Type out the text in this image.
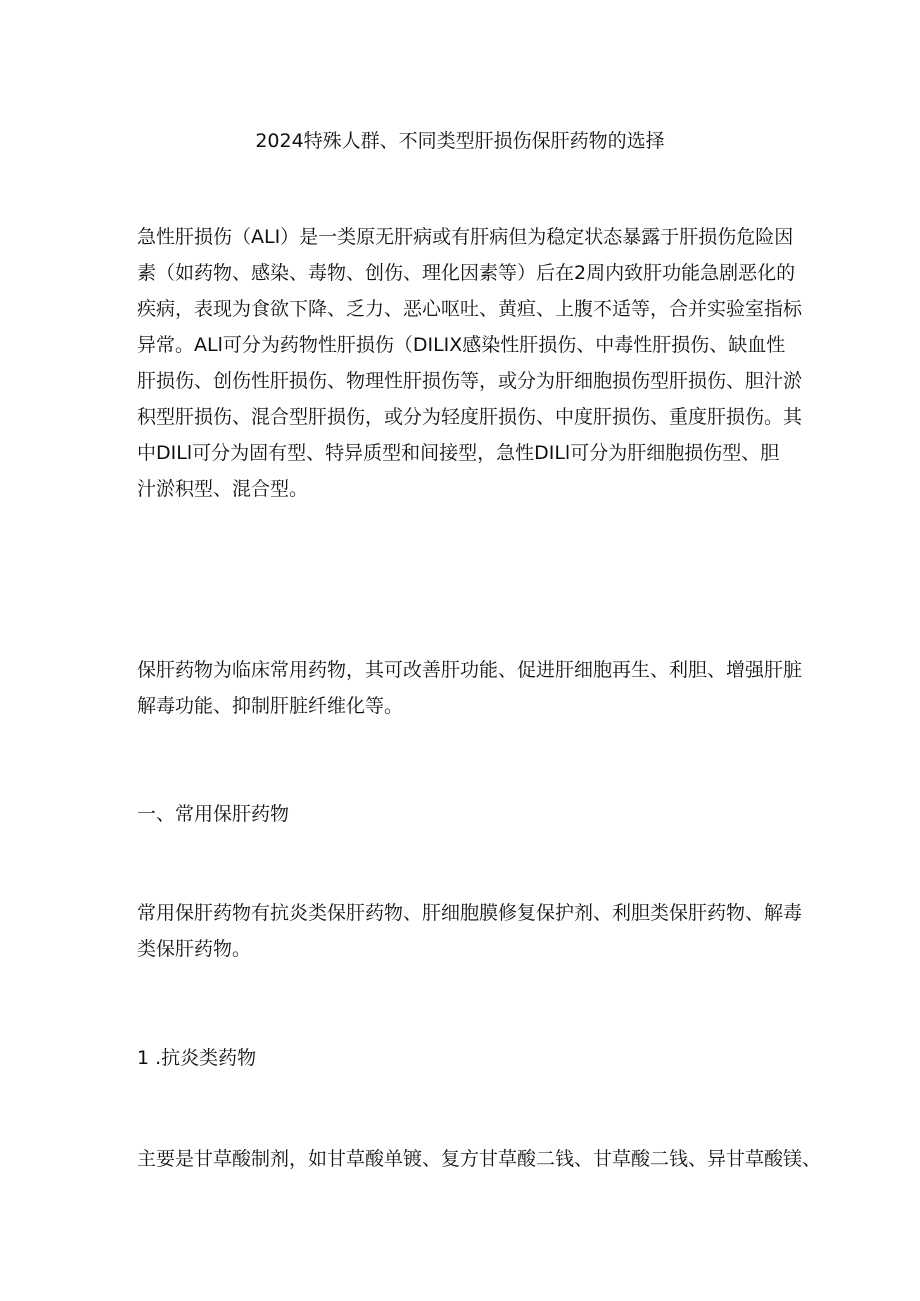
2024特殊人群、不同类型肝损伤保肝药物的选择

急性肝损伤（ALI）是一类原无肝病或有肝病但为稳定状态暴露于肝损伤危险因
素（如药物、感染、毒物、创伤、理化因素等）后在2周内致肝功能急剧恶化的
疾病，表现为食欲下降、乏力、恶心呕吐、黄疸、上腹不适等，合并实验室指标
异常。ALl可分为药物性肝损伤（DILIX感染性肝损伤、中毒性肝损伤、缺血性
肝损伤、创伤性肝损伤、物理性肝损伤等，或分为肝细胞损伤型肝损伤、胆汁淤
积型肝损伤、混合型肝损伤，或分为轻度肝损伤、中度肝损伤、重度肝损伤。其
中DILl可分为固有型、特异质型和间接型，急性DILl可分为肝细胞损伤型、胆
汁淤积型、混合型。

保肝药物为临床常用药物，其可改善肝功能、促进肝细胞再生、利胆、增强肝脏
解毒功能、抑制肝脏纤维化等。

一、常用保肝药物

常用保肝药物有抗炎类保肝药物、肝细胞膜修复保护剂、利胆类保肝药物、解毒
类保肝药物。

1 .抗炎类药物

主要是甘草酸制剂，如甘草酸单镀、复方甘草酸二钱、甘草酸二钱、异甘草酸镁、
